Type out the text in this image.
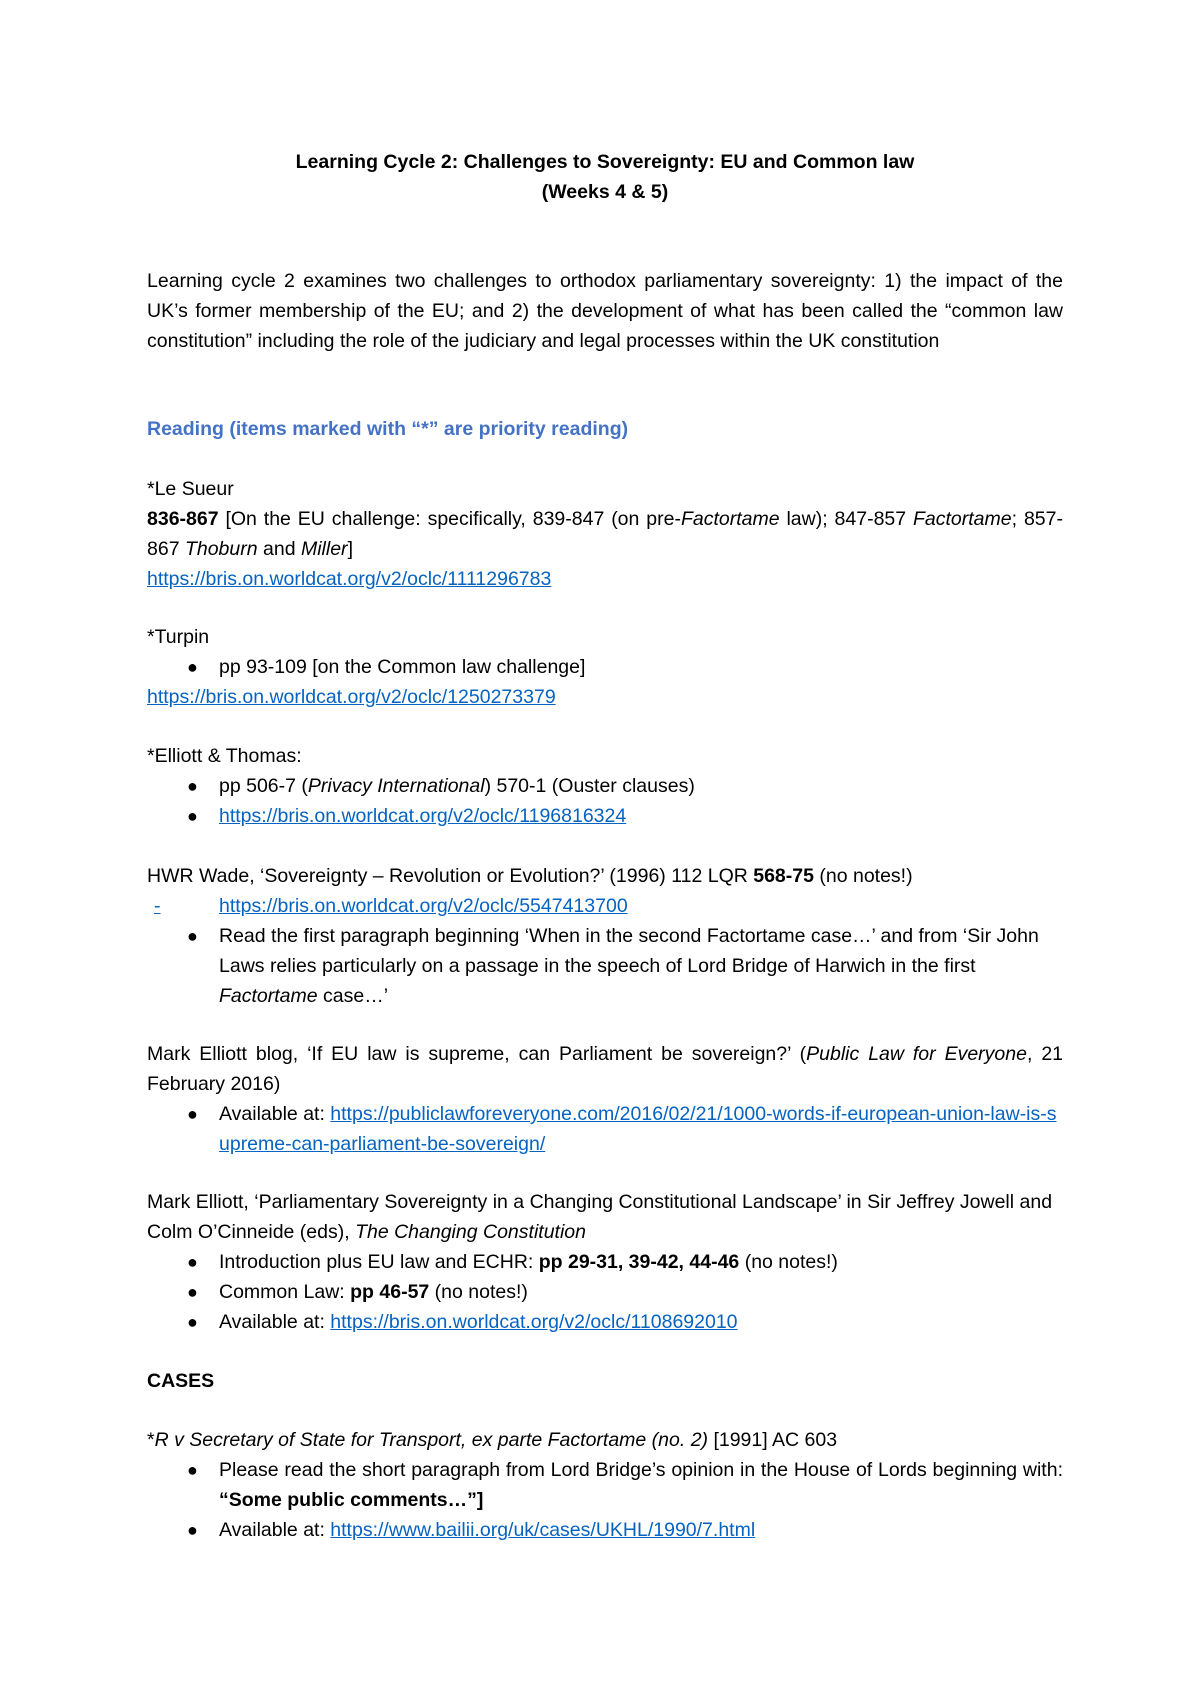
Learning Cycle 2: Challenges to Sovereignty: EU and Common law

(Weeks 4 & 5)

Learning cycle 2 examines two challenges to orthodox parliamentary sovereignty: 1) the impact of the UK’s former membership of the EU; and 2) the development of what has been called the “common law constitution” including the role of the judiciary and legal processes within the UK constitution

Reading (items marked with “*” are priority reading)

*Le Sueur

836-867 [On the EU challenge: specifically, 839-847 (on pre-Factortame law); 847-857 Factortame; 857-867 Thoburn and Miller]

https://bris.on.worldcat.org/v2/oclc/1111296783

*Turpin

● pp 93-109 [on the Common law challenge]

https://bris.on.worldcat.org/v2/oclc/1250273379

*Elliott & Thomas:

● pp 506-7 (Privacy International) 570-1 (Ouster clauses)
● https://bris.on.worldcat.org/v2/oclc/1196816324

HWR Wade, ‘Sovereignty – Revolution or Evolution?’ (1996) 112 LQR 568-75 (no notes!)

-	https://bris.on.worldcat.org/v2/oclc/5547413700
● Read the first paragraph beginning ‘When in the second Factortame case…’ and from ‘Sir John Laws relies particularly on a passage in the speech of Lord Bridge of Harwich in the first Factortame case…’

Mark Elliott blog, ‘If EU law is supreme, can Parliament be sovereign?’ (Public Law for Everyone, 21 February 2016)

● Available at: https://publiclawforeveryone.com/2016/02/21/1000-words-if-european-union-law-is-supreme-can-parliament-be-sovereign/

Mark Elliott, ‘Parliamentary Sovereignty in a Changing Constitutional Landscape’ in Sir Jeffrey Jowell and Colm O’Cinneide (eds), The Changing Constitution

● Introduction plus EU law and ECHR: pp 29-31, 39-42, 44-46 (no notes!)
● Common Law: pp 46-57 (no notes!)
● Available at: https://bris.on.worldcat.org/v2/oclc/1108692010

CASES

*R v Secretary of State for Transport, ex parte Factortame (no. 2) [1991] AC 603

● Please read the short paragraph from Lord Bridge’s opinion in the House of Lords beginning with: “Some public comments…”]
● Available at: https://www.bailii.org/uk/cases/UKHL/1990/7.html
